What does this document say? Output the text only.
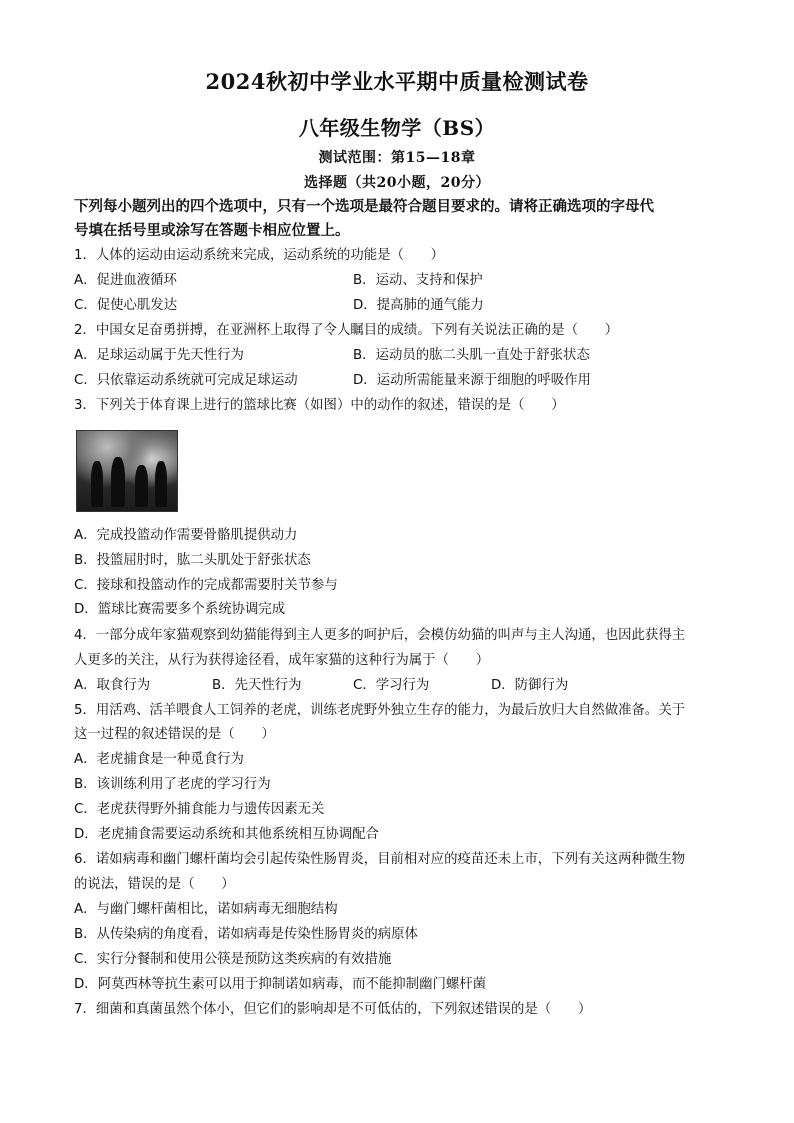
2024秋初中学业水平期中质量检测试卷
八年级生物学（BS）
测试范围：第15—18章
选择题（共20小题，20分）
下列每小题列出的四个选项中，只有一个选项是最符合题目要求的。请将正确选项的字母代
号填在括号里或涂写在答题卡相应位置上。
1．人体的运动由运动系统来完成，运动系统的功能是（　　）
A．促进血液循环	B．运动、支持和保护
C．促使心肌发达	D．提高肺的通气能力
2．中国女足奋勇拼搏，在亚洲杯上取得了令人瞩目的成绩。下列有关说法正确的是（　　）
A．足球运动属于先天性行为	B．运动员的肱二头肌一直处于舒张状态
C．只依靠运动系统就可完成足球运动	D．运动所需能量来源于细胞的呼吸作用
3．下列关于体育课上进行的篮球比赛（如图）中的动作的叙述，错误的是（　　）
A．完成投篮动作需要骨骼肌提供动力
B．投篮屈肘时，肱二头肌处于舒张状态
C．接球和投篮动作的完成都需要肘关节参与
D．篮球比赛需要多个系统协调完成
4．一部分成年家猫观察到幼猫能得到主人更多的呵护后，会模仿幼猫的叫声与主人沟通，也因此获得主
人更多的关注，从行为获得途径看，成年家猫的这种行为属于（　　）
A．取食行为	B．先天性行为	C．学习行为	D．防御行为
5．用活鸡、活羊喂食人工饲养的老虎，训练老虎野外独立生存的能力，为最后放归大自然做准备。关于
这一过程的叙述错误的是（　　）
A．老虎捕食是一种觅食行为
B．该训练利用了老虎的学习行为
C．老虎获得野外捕食能力与遗传因素无关
D．老虎捕食需要运动系统和其他系统相互协调配合
6．诺如病毒和幽门螺杆菌均会引起传染性肠胃炎，目前相对应的疫苗还未上市，下列有关这两种微生物
的说法，错误的是（　　）
A．与幽门螺杆菌相比，诺如病毒无细胞结构
B．从传染病的角度看，诺如病毒是传染性肠胃炎的病原体
C．实行分餐制和使用公筷是预防这类疾病的有效措施
D．阿莫西林等抗生素可以用于抑制诺如病毒，而不能抑制幽门螺杆菌
7．细菌和真菌虽然个体小，但它们的影响却是不可低估的，下列叙述错误的是（　　）
